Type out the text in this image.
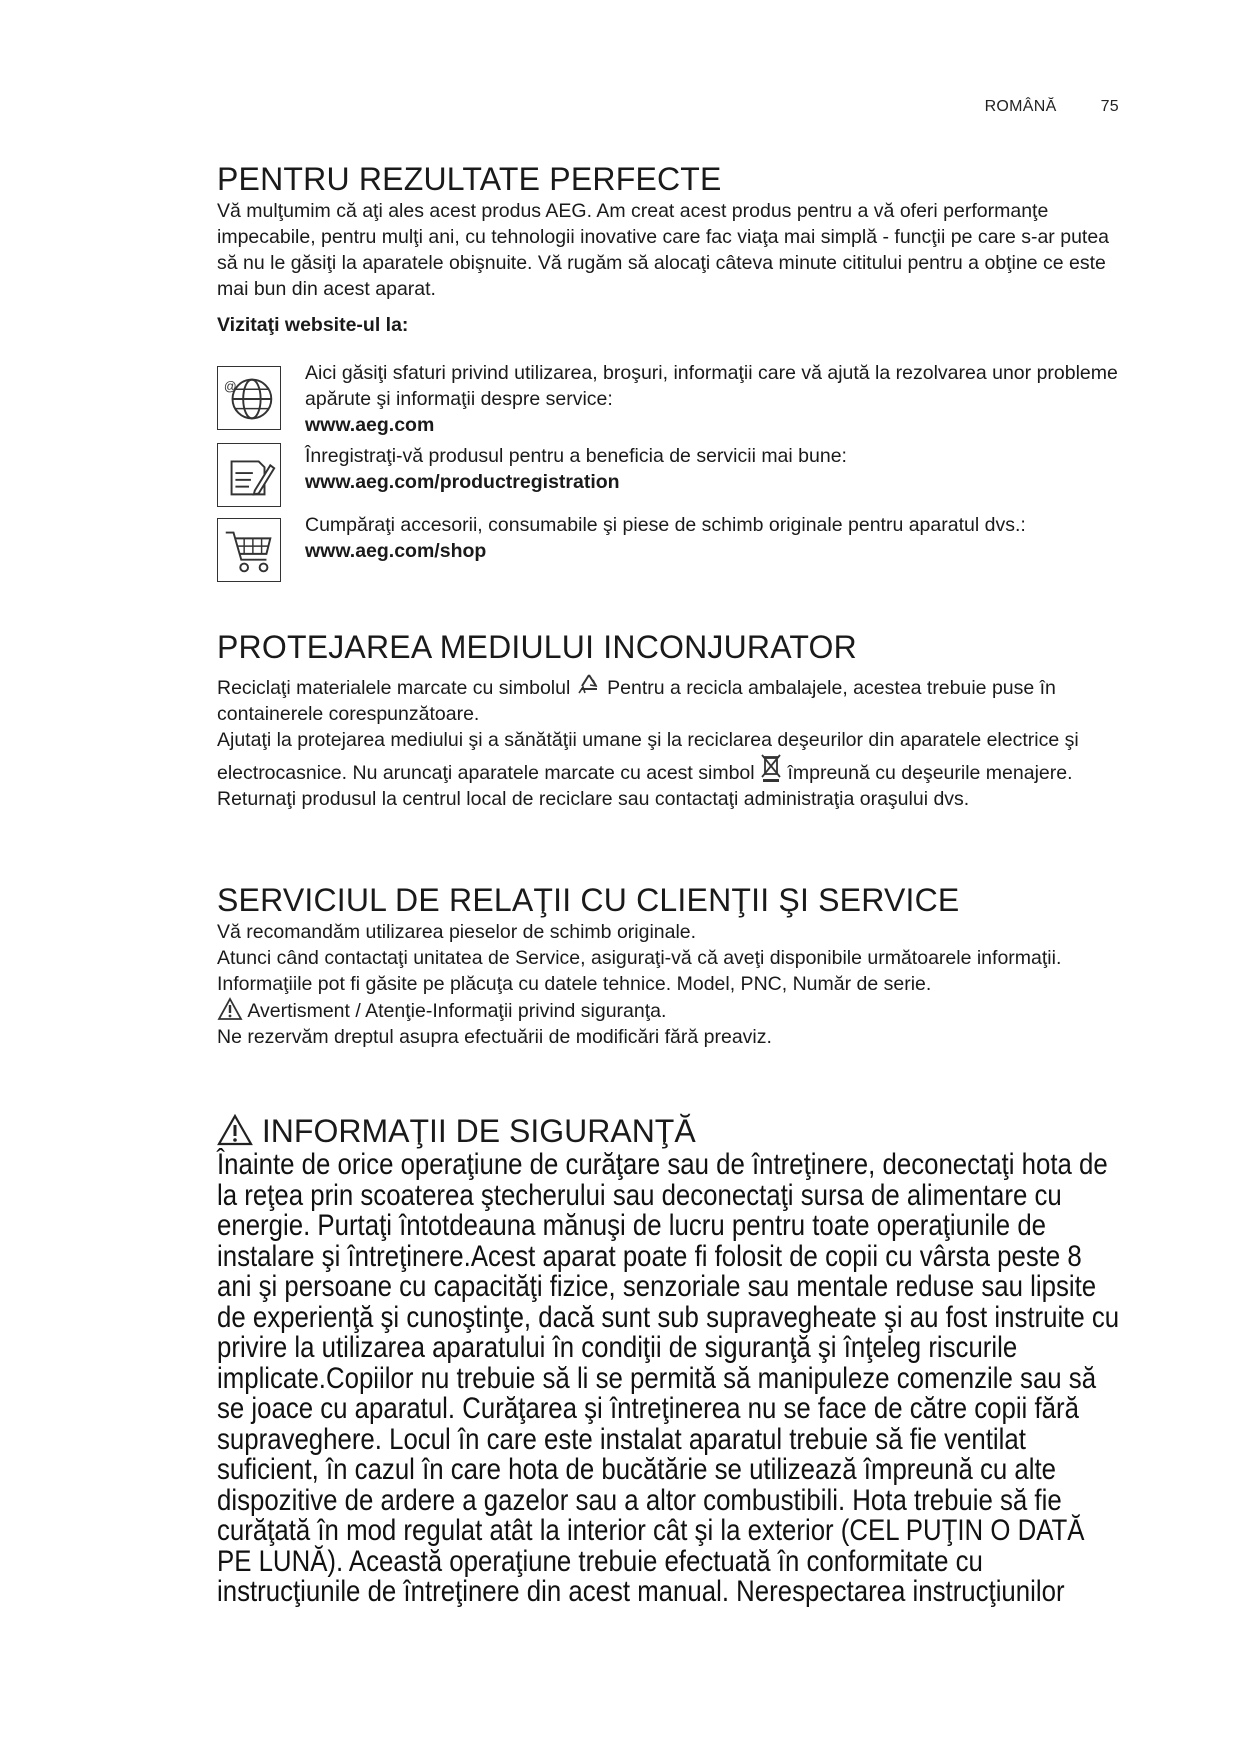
ROMÂNĂ	75
PENTRU REZULTATE PERFECTE

Vă mulţumim că aţi ales acest produs AEG. Am creat acest produs pentru a vă oferi performanţe impecabile, pentru mulţi ani, cu tehnologii inovative care fac viaţa mai simplă - funcţii pe care s-ar putea să nu le găsiţi la aparatele obişnuite. Vă rugăm să alocaţi câteva minute cititului pentru a obţine ce este mai bun din acest aparat.

Vizitaţi website-ul la:

@

Aici găsiţi sfaturi privind utilizarea, broşuri, informaţii care vă ajută la rezolvarea unor probleme apărute şi informaţii despre service:

www.aeg.com

Înregistraţi-vă produsul pentru a beneficia de servicii mai bune:

www.aeg.com/productregistration

Cumpăraţi accesorii, consumabile şi piese de schimb originale pentru aparatul dvs.:

www.aeg.com/shop

PROTEJAREA MEDIULUI INCONJURATOR

Reciclaţi materialele marcate cu simbolul Pentru a recicla ambalajele, acestea trebuie puse în containerele corespunzătoare.

Ajutaţi la protejarea mediului şi a sănătăţii umane şi la reciclarea deşeurilor din aparatele electrice şi electrocasnice. Nu aruncaţi aparatele marcate cu acest simbol împreună cu deşeurile menajere. Returnaţi produsul la centrul local de reciclare sau contactaţi administraţia oraşului dvs.

SERVICIUL DE RELAŢII CU CLIENŢII ŞI SERVICE

Vă recomandăm utilizarea pieselor de schimb originale.

Atunci când contactaţi unitatea de Service, asiguraţi-vă că aveţi disponibile următoarele informaţii.

Informaţiile pot fi găsite pe plăcuţa cu datele tehnice. Model, PNC, Număr de serie.

Avertisment / Atenţie-Informaţii privind siguranţa.

Ne rezervăm dreptul asupra efectuării de modificări fără preaviz.

INFORMAŢII DE SIGURANŢĂ
Înainte de orice operaţiune de curăţare sau de întreţinere, deconectaţi hota de la reţea prin scoaterea ştecherului sau deconectaţi sursa de alimentare cu energie. Purtaţi întotdeauna mănuşi de lucru pentru toate operaţiunile de instalare şi întreţinere.Acest aparat poate fi folosit de copii cu vârsta peste 8 ani şi persoane cu capacităţi fizice, senzoriale sau mentale reduse sau lipsite de experienţă şi cunoştinţe, dacă sunt sub supravegheate şi au fost instruite cu privire la utilizarea aparatului în condiţii de siguranţă şi înţeleg riscurile implicate.Copiilor nu trebuie să li se permită să manipuleze comenzile sau să se joace cu aparatul. Curăţarea şi întreţinerea nu se face de către copii fără supraveghere. Locul în care este instalat aparatul trebuie să fie ventilat suficient, în cazul în care hota de bucătărie se utilizează împreună cu alte dispozitive de ardere a gazelor sau a altor combustibili. Hota trebuie să fie curăţată în mod regulat atât la interior cât şi la exterior (CEL PUŢIN O DATĂ PE LUNĂ). Această operaţiune trebuie efectuată în conformitate cu instrucţiunile de întreţinere din acest manual. Nerespectarea instrucţiunilor
